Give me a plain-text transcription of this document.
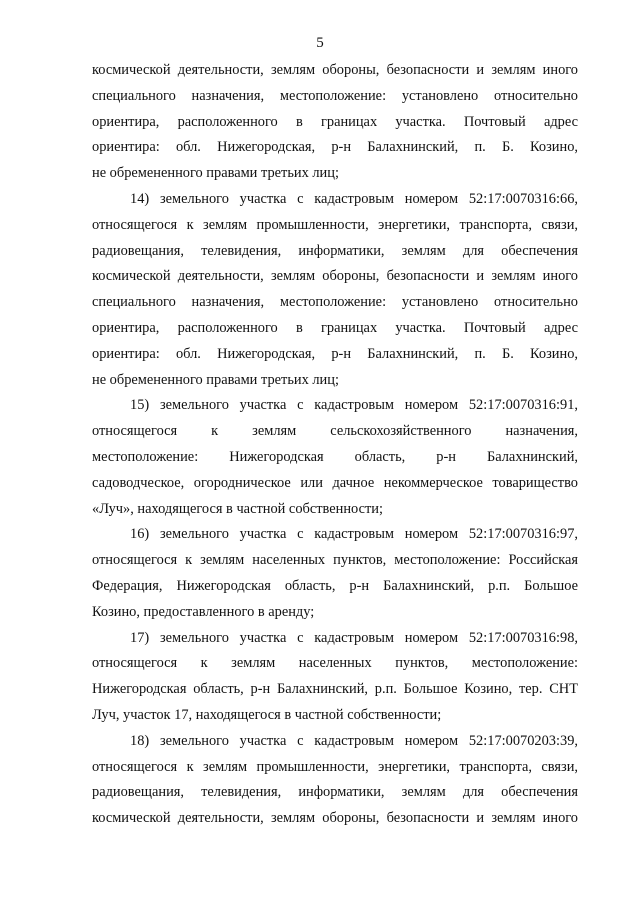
5
космической деятельности, землям обороны, безопасности и землям иного
специального назначения, местоположение: установлено относительно
ориентира, расположенного в границах участка. Почтовый адрес
ориентира: обл. Нижегородская, р-н Балахнинский, п. Б. Козино,
не обремененного правами третьих лиц;
14) земельного участка с кадастровым номером 52:17:0070316:66,
относящегося к землям промышленности, энергетики, транспорта, связи,
радиовещания, телевидения, информатики, землям для обеспечения
космической деятельности, землям обороны, безопасности и землям иного
специального назначения, местоположение: установлено относительно
ориентира, расположенного в границах участка. Почтовый адрес
ориентира: обл. Нижегородская, р-н Балахнинский, п. Б. Козино,
не обремененного правами третьих лиц;
15) земельного участка с кадастровым номером 52:17:0070316:91,
относящегося к землям сельскохозяйственного назначения,
местоположение: Нижегородская область, р-н Балахнинский,
садоводческое, огородническое или дачное некоммерческое товарищество
«Луч», находящегося в частной собственности;
16) земельного участка с кадастровым номером 52:17:0070316:97,
относящегося к землям населенных пунктов, местоположение: Российская
Федерация, Нижегородская область, р-н Балахнинский, р.п. Большое
Козино, предоставленного в аренду;
17) земельного участка с кадастровым номером 52:17:0070316:98,
относящегося к землям населенных пунктов, местоположение:
Нижегородская область, р-н Балахнинский, р.п. Большое Козино, тер. СНТ
Луч, участок 17, находящегося в частной собственности;
18) земельного участка с кадастровым номером 52:17:0070203:39,
относящегося к землям промышленности, энергетики, транспорта, связи,
радиовещания, телевидения, информатики, землям для обеспечения
космической деятельности, землям обороны, безопасности и землям иного
